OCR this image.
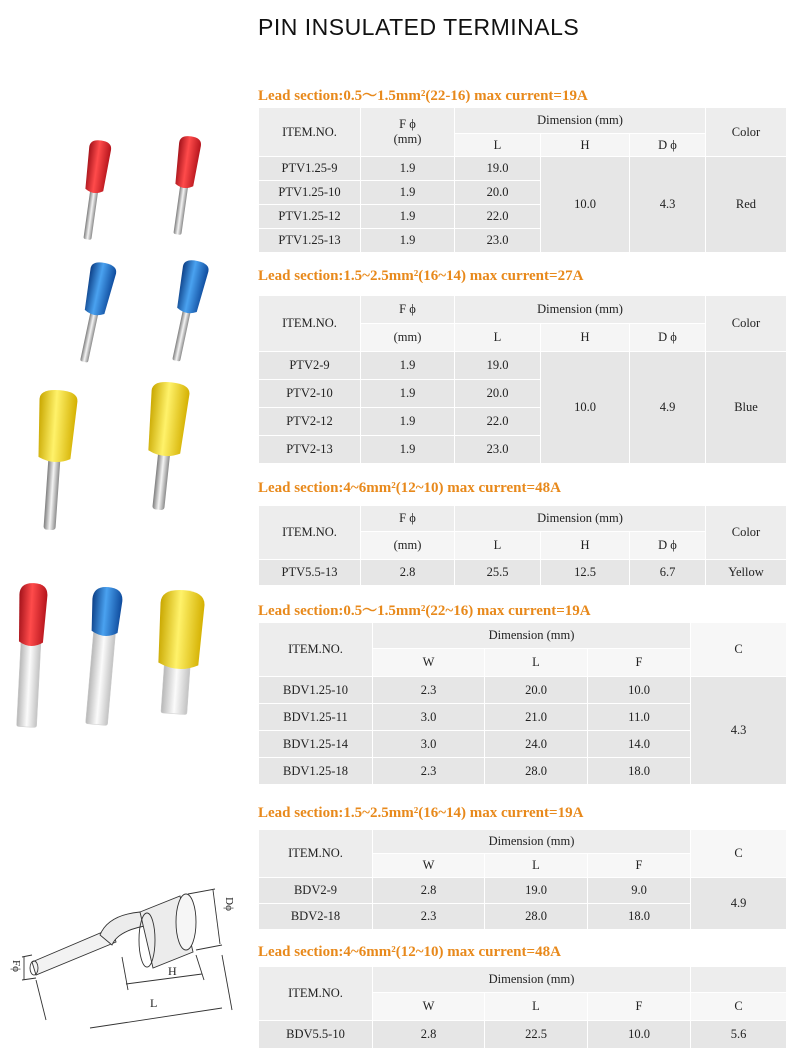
Dϕ
Fϕ	H
L
PIN INSULATED TERMINALS
Lead section:0.5～1.5mm²(22-16) max current=19A
ITEM.NO.	F ϕ
(mm)	Dimension (mm)			Color
		L	H	D ϕ	
PTV1.25-9	1.9	19.0	10.0	4.3	Red
PTV1.25-10	1.9	20.0			
PTV1.25-12	1.9	22.0			
PTV1.25-13	1.9	23.0			
Lead section:1.5~2.5mm²(16~14) max current=27A
ITEM.NO.	F ϕ	Dimension (mm)			Color
	(mm)	L	H	D ϕ	
PTV2-9	1.9	19.0	10.0	4.9	Blue
PTV2-10	1.9	20.0			
PTV2-12	1.9	22.0			
PTV2-13	1.9	23.0			
Lead section:4~6mm²(12~10) max current=48A
ITEM.NO.	F ϕ	Dimension (mm)			Color
	(mm)	L	H	D ϕ	
PTV5.5-13	2.8	25.5	12.5	6.7	Yellow
Lead section:0.5～1.5mm²(22~16) max current=19A
ITEM.NO.	Dimension (mm)			C
	W	L	F	
BDV1.25-10	2.3	20.0	10.0	4.3
BDV1.25-11	3.0	21.0	11.0	
BDV1.25-14	3.0	24.0	14.0	
BDV1.25-18	2.3	28.0	18.0	
Lead section:1.5~2.5mm²(16~14) max current=19A
ITEM.NO.	Dimension (mm)			C
	W	L	F	
BDV2-9	2.8	19.0	9.0	4.9
BDV2-18	2.3	28.0	18.0	
Lead section:4~6mm²(12~10) max current=48A
ITEM.NO.	Dimension (mm)			
	W	L	F	C
BDV5.5-10	2.8	22.5	10.0	5.6
